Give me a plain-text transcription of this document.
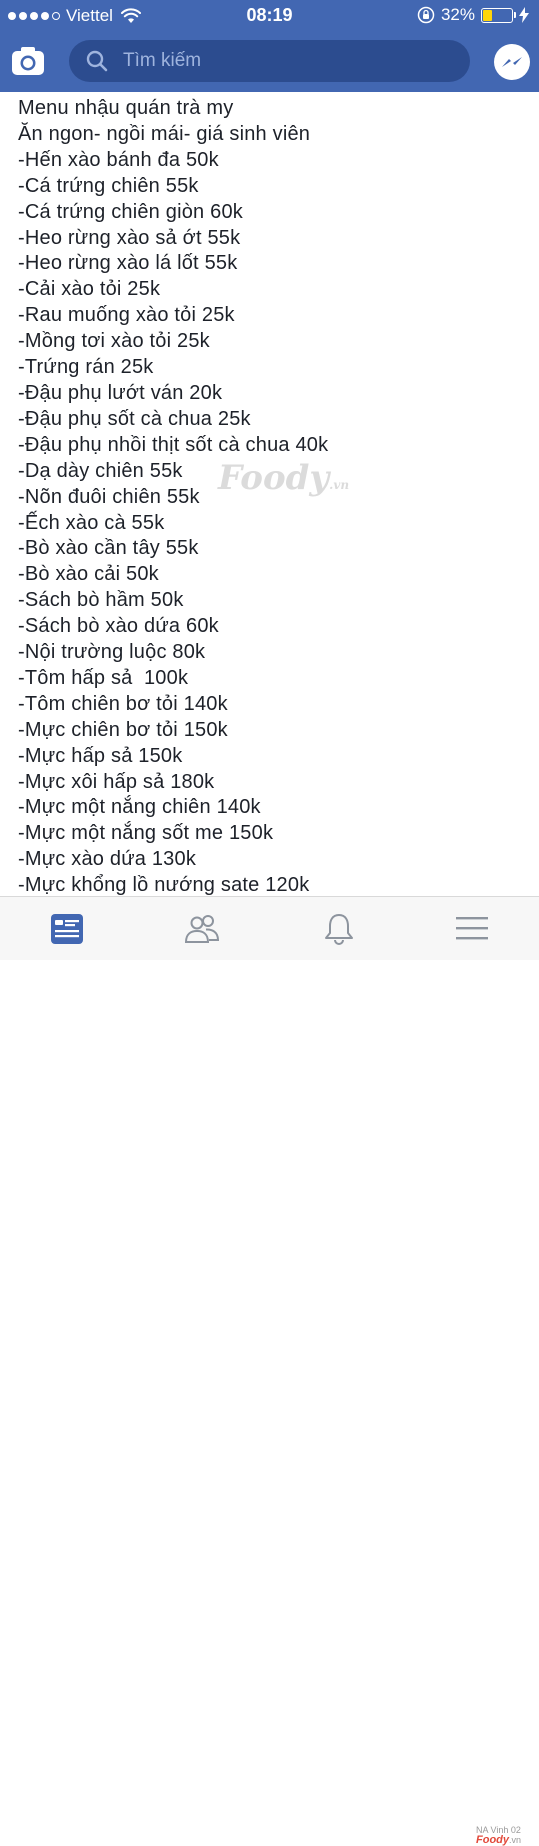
Viettel	08:19	32%
Tìm kiếm
Menu nhậu quán trà my
Ăn ngon- ngồi mái- giá sinh viên
-Hến xào bánh đa 50k
-Cá trứng chiên 55k
-Cá trứng chiên giòn 60k
-Heo rừng xào sả ớt 55k
-Heo rừng xào lá lốt 55k
-Cải xào tỏi 25k
-Rau muống xào tỏi 25k
-Mồng tơi xào tỏi 25k
-Trứng rán 25k
-Đậu phụ lướt ván 20k
-Đậu phụ sốt cà chua 25k
-Đậu phụ nhồi thịt sốt cà chua 40k
-Dạ dày chiên 55k
-Nõn đuôi chiên 55k
-Ếch xào cà 55k
-Bò xào cần tây 55k
-Bò xào cải 50k
-Sách bò hầm 50k
-Sách bò xào dứa 60k
-Nội trường luộc 80k
-Tôm hấp sả  100k
-Tôm chiên bơ tỏi 140k
-Mực chiên bơ tỏi 150k
-Mực hấp sả 150k
-Mực xôi hấp sả 180k
-Mực một nắng chiên 140k
-Mực một nắng sốt me 150k
-Mực xào dứa 130k
-Mực khổng lồ nướng sate 120k
Foody.vn
NA Vinh 02
Foody.vn
